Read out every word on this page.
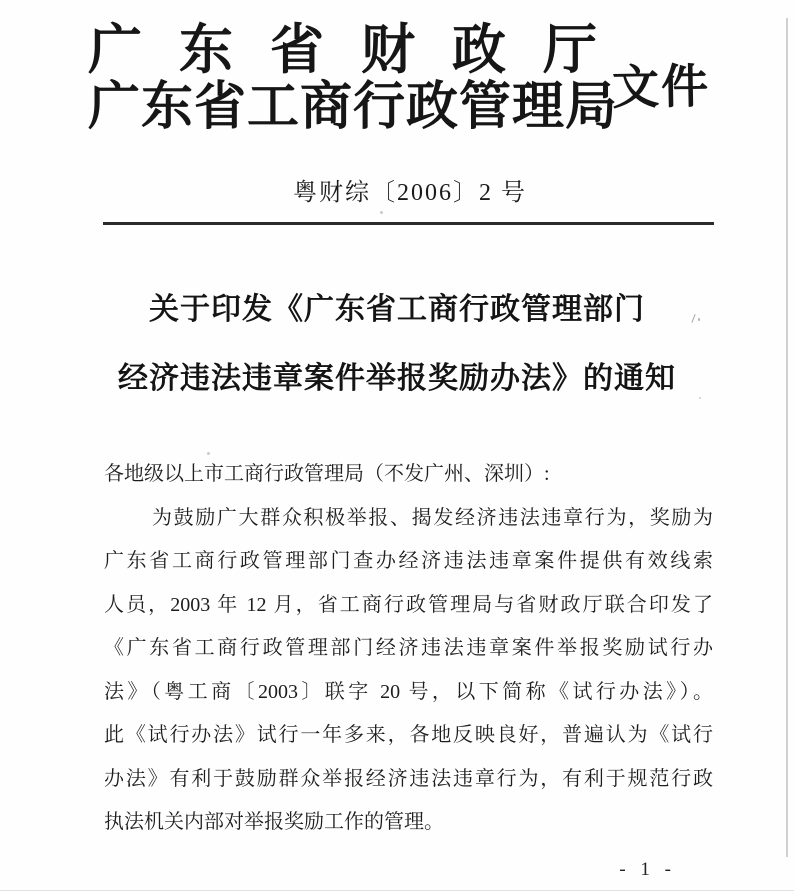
广东省财政厅
广东省工商行政管理局
文件
粤财综〔2006〕2 号
关于印发《广东省工商行政管理部门
经济违法违章案件举报奖励办法》的通知
各地级以上市工商行政管理局（不发广州、深圳）:
为鼓励广大群众积极举报、揭发经济违法违章行为，奖励为
广东省工商行政管理部门查办经济违法违章案件提供有效线索
人员，2003 年 12 月，省工商行政管理局与省财政厅联合印发了
《广东省工商行政管理部门经济违法违章案件举报奖励试行办
法》（粤工商〔2003〕联字 20 号，以下简称《试行办法》）。
此《试行办法》试行一年多来，各地反映良好，普遍认为《试行
办法》有利于鼓励群众举报经济违法违章行为，有利于规范行政
执法机关内部对举报奖励工作的管理。
- 1 -
